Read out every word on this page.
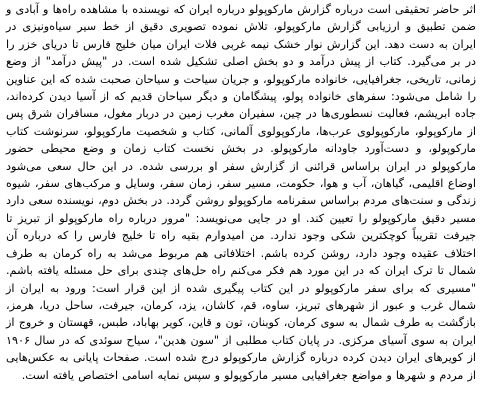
اثر حاضر تحقیقی است درباره گزارش مارکوپولو درباره ایران که نویسنده با مشاهده راه‌ها و آبادی و ضمن تطبیق و ارزیابی گزارش مارکوپولو، تلاش نموده تصویری دقیق از خط سیر سیاه‌ونیزی در ایران به دست دهد. این گزارش نوار خشک نیمه غربی فلات ایران میان خلیج فارس تا دریای خزر را در بر می‌گیرد. کتاب از پیش درآمد و دو بخش اصلی تشکیل شده است. در "پیش درآمد" از وضع زمانی، تاریخی، جغرافیایی، خانواده مارکوپولو، و جریان سیاحت و سیاحان صحبت شده که این عناوین را شامل می‌شود: سفرهای خانواده پولو، پیشگامان و دیگر سیاحان قدیم که از آسیا دیدن کرده‌اند، جاده ابریشم، فعالیت نسطوری‌ها در چین، سفیران مغرب زمین در دربار مغول، مسافران شرق پس از مارکوپولو، مارکوپولوی عرب‌ها، مارکوپولوی آلمانی، کتاب و شخصیت مارکوپولو، سرنوشت کتاب مارکوپولو، و دست‌آورد جاودانه مارکوپولو. در بخش نخست کتاب زمان و وضع محیطی حضور مارکوپولو در ایران براساس قرائنی از گزارش سفر او بررسی شده. در این حال سعی می‌شود اوضاع اقلیمی، گیاهان، آب و هوا، حکومت، مسیر سفر، زمان سفر، وسایل و مرکب‌های سفر، شیوه زندگی و سنت‌های مردم براساس سفرنامه مارکوپولو روشن گردد. در بخش دوم، نویسنده سعی دارد مسیر دقیق مارکوپولو را تعیین کند. او در جایی می‌نویسد: "مرور درباره راه مارکوپولو از تبریز تا جیرفت تقریباً کوچکترین شکی وجود ندارد. من امیدوارم بقیه راه تا خلیج فارس را که درباره آن اختلاف عقیده وجود دارد، روشن کرده باشم. اختلافاتی هم مربوط می‌شد به راه کرمان به طرف شمال تا ترک ایران که در این مورد هم فکر می‌کنم راه حل‌های چندی برای حل مسئله یافته باشم. "مسیری که برای سفر مارکوپولو در این کتاب پیگیری شده از این قرار است: ورود به ایران از شمال غرب و عبور از شهرهای تبریز، ساوه، قم، کاشان، یزد، کرمان، جیرفت، ساحل دریا، هرمز، بازگشت به طرف شمال به سوی کرمان، کوبنان، تون و قاین، کویر بهاباد، طبس، قهستان و خروج از ایران به سوی آسیای مرکزی. در پایان کتاب مطلبی از "سون هدین"، سیاح سوئدی که در سال ۱۹۰۶ از کویرهای ایران دیدن کرده درباره گزارش مارکوپولو درج شده است. صفحات پایانی به عکس‌هایی از مردم و شهرها و مواضع جغرافیایی مسیر مارکوپولو و سپس نمایه اسامی اختصاص یافته است.
